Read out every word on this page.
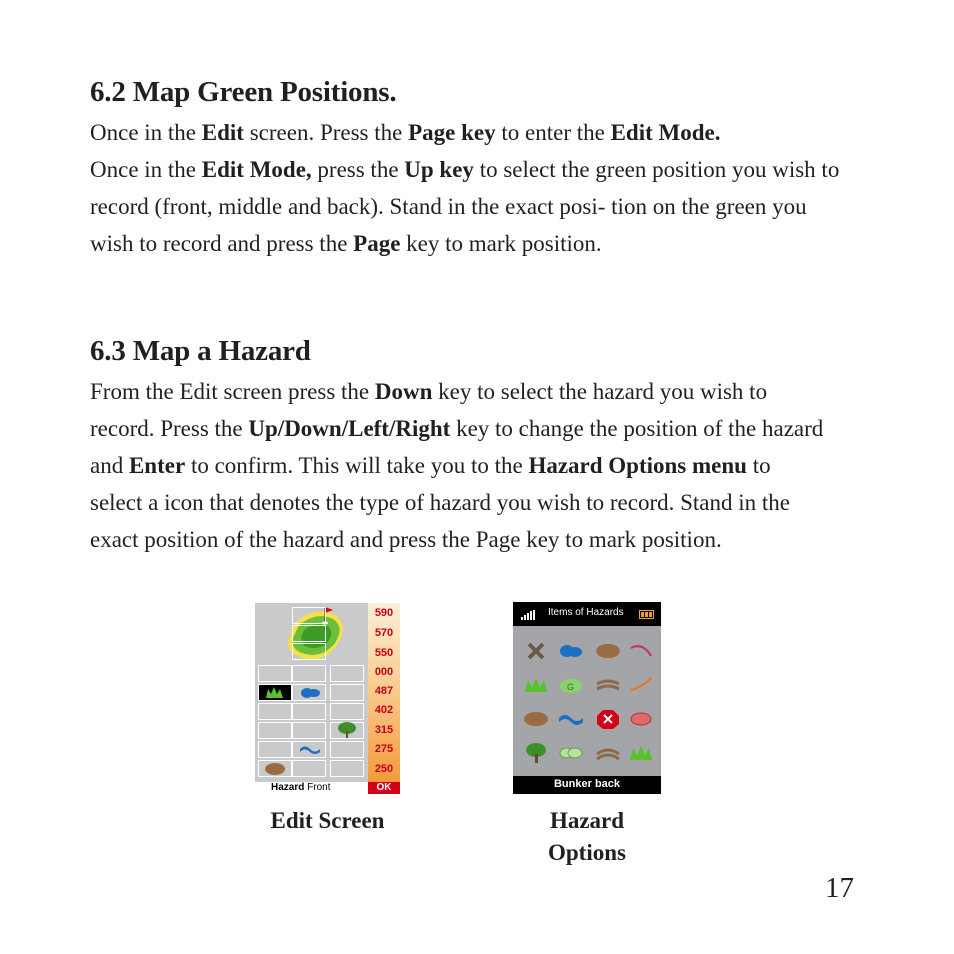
6.2 Map Green Positions.

Once in the Edit screen. Press the Page key to enter the Edit Mode.
Once in the Edit Mode, press the Up key to select the green position you wish to record (front, middle and back). Stand in the exact posi- tion on the green you wish to record and press the Page key to mark position.

6.3 Map a Hazard

From the Edit screen press the Down key to select the hazard you wish to record. Press the Up/Down/Left/Right key to change the position of the hazard and Enter to confirm. This will take you to the Hazard Options menu to select a icon that denotes the type of hazard you wish to record. Stand in the exact position of the hazard and press the Page key to mark position.

590
570
550
000
487
402
315
275
250
Hazard Front	OK
Items of Hazards
G
Bunker back
Edit Screen	Hazard
Options
17
